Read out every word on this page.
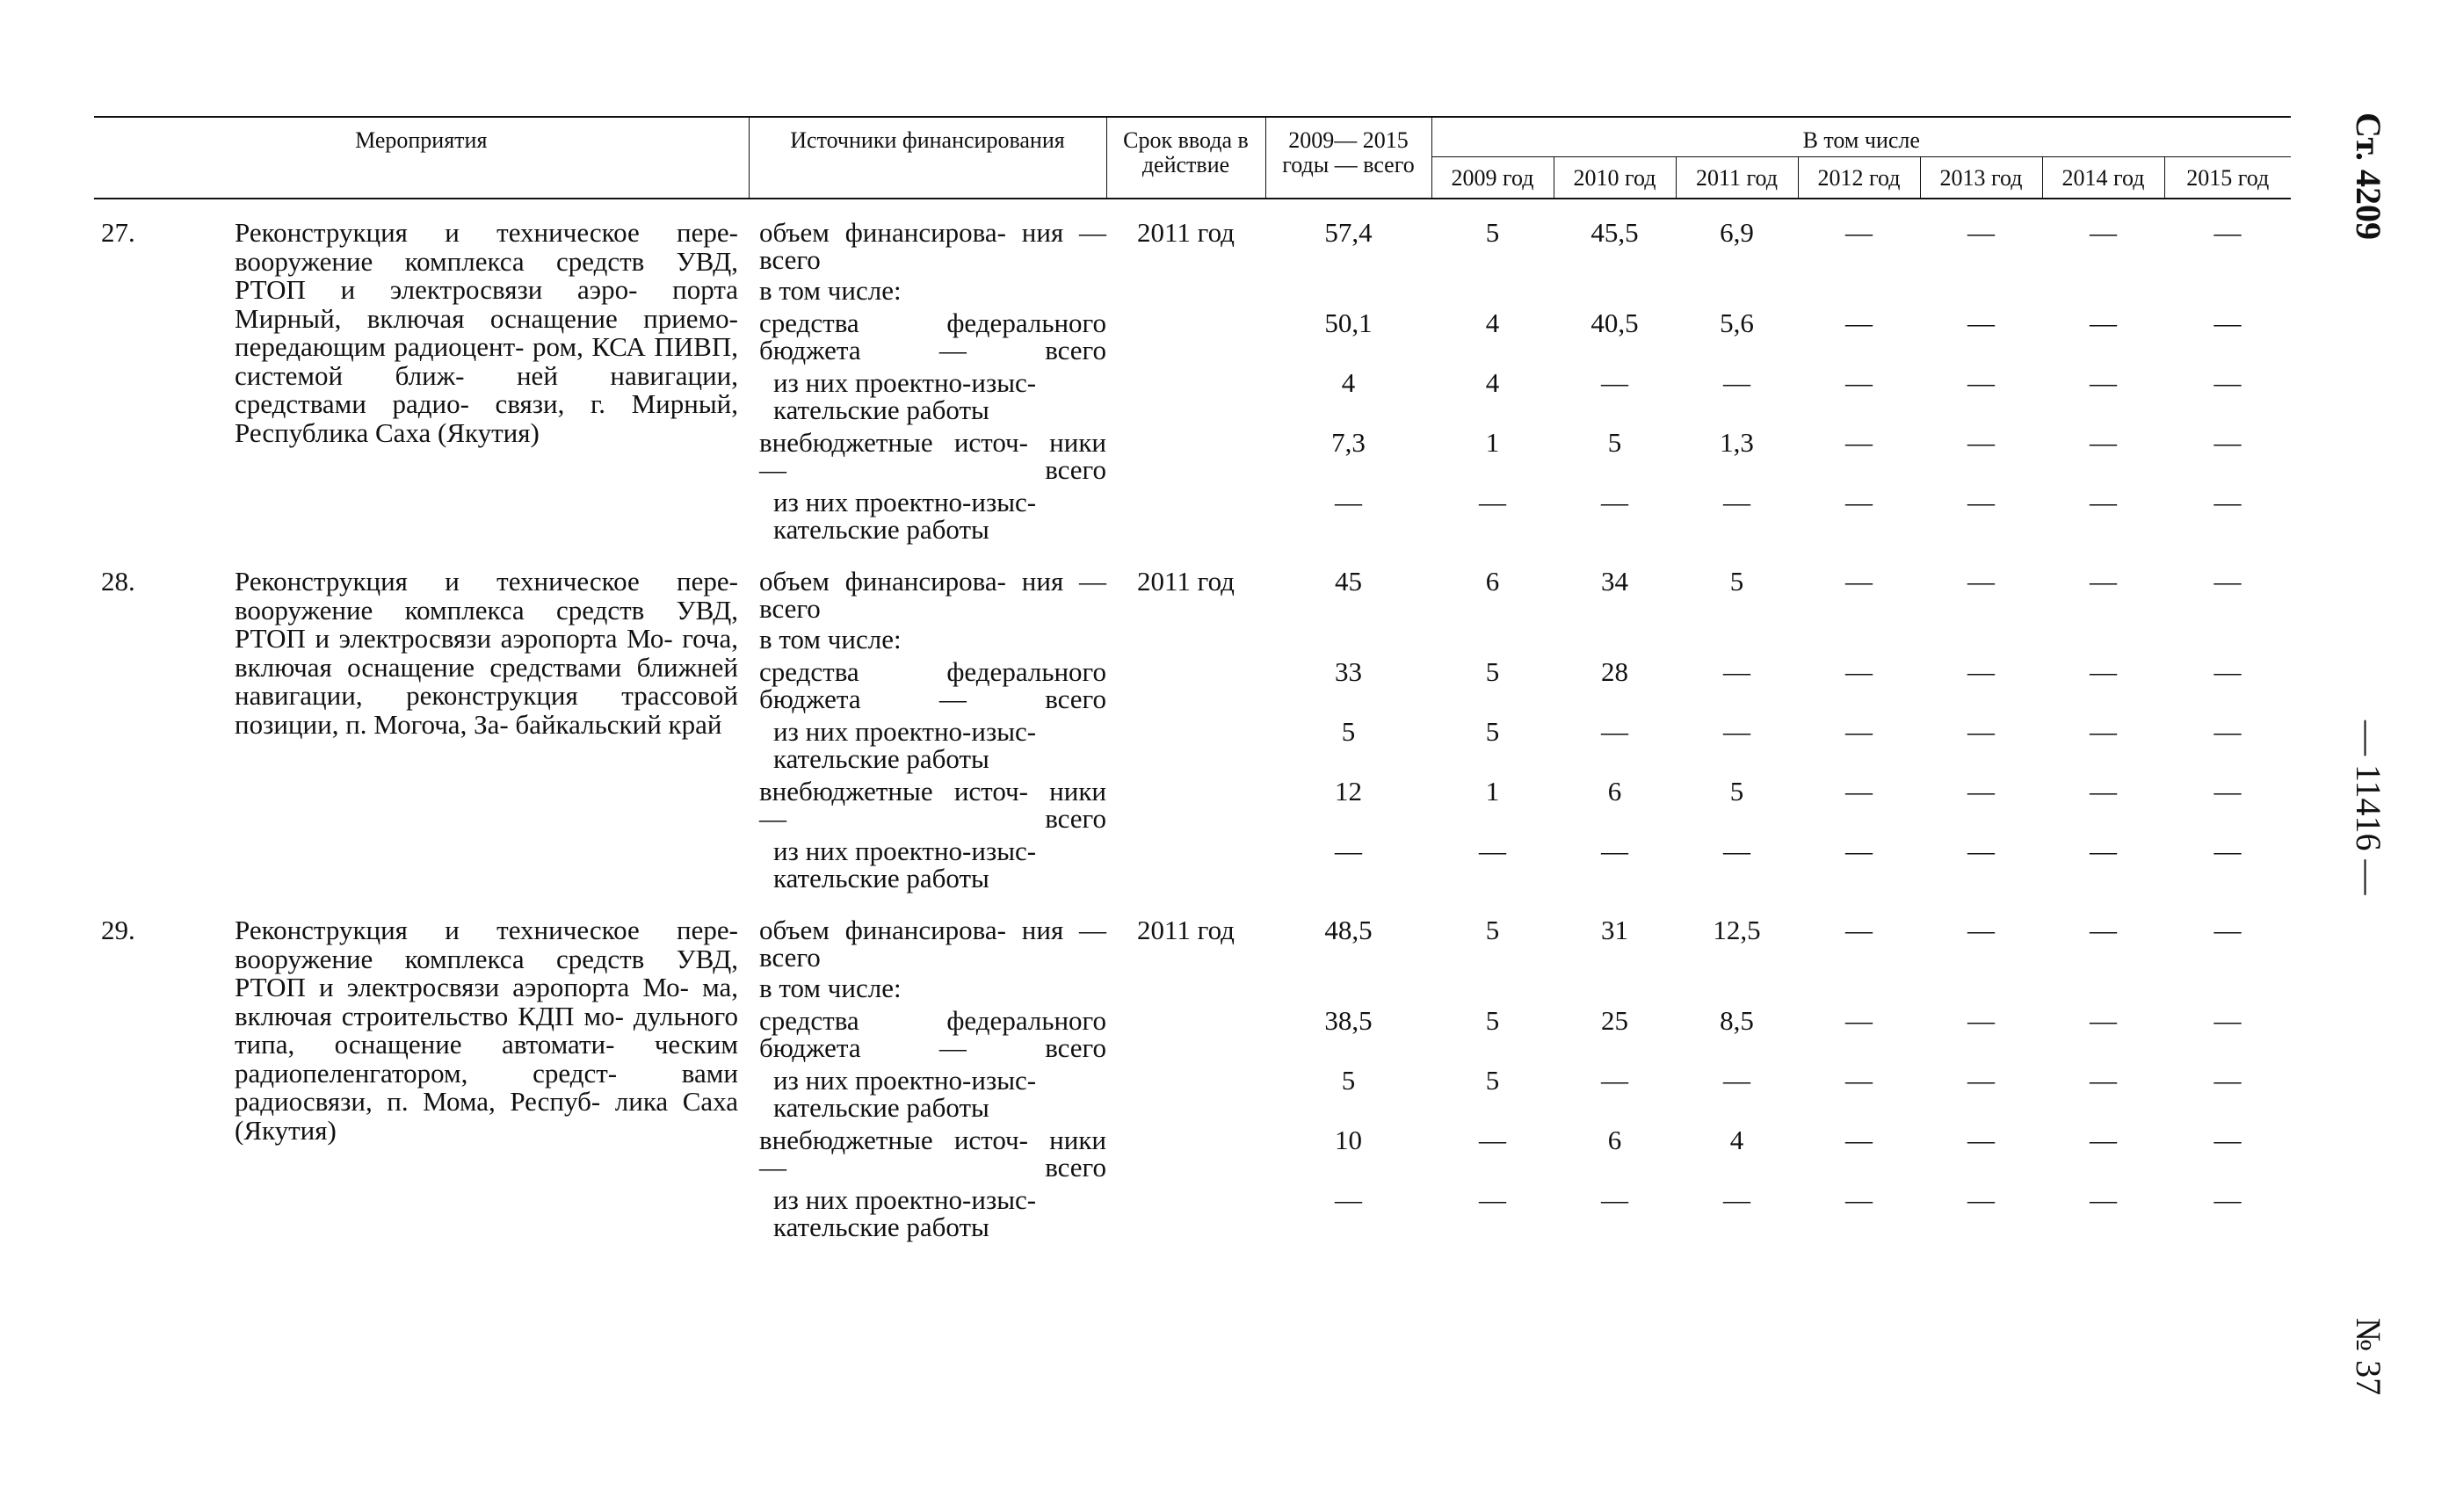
Ст. 4209
— 11416 —
№ 37
Мероприятия		Источники финансирования	Срок ввода в действие	2009— 2015 годы — всего	В том числе						
					2009 год	2010 год	2011 год	2012 год	2013 год	2014 год	2015 год
27.	Реконструкция и техническое пере- вооружение комплекса средств УВД, РТОП и электросвязи аэро- порта Мирный, включая оснащение приемо-передающим радиоцент- ром, КСА ПИВП, системой ближ- ней навигации, средствами радио- связи, г. Мирный, Республика Саха (Якутия)	объем финансирова- ния — всего	2011 год	57,4	5	45,5	6,9	—	—	—	—
		в том числе:									

		средства федерального бюджета — всего		50,1	4	40,5	5,6	—	—	—	—
		из них проектно-изыс- кательские работы		4	4	—	—	—	—	—	—

		внебюджетные источ- ники — всего		7,3	1	5	1,3	—	—	—	—
		из них проектно-изыс- кательские работы		—	—	—	—	—	—	—	—
28.	Реконструкция и техническое пере- вооружение комплекса средств УВД, РТОП и электросвязи аэропорта Мо- гоча, включая оснащение средствами ближней навигации, реконструкция трассовой позиции, п. Могоча, За- байкальский край	объем финансирова- ния — всего	2011 год	45	6	34	5	—	—	—	—
		в том числе:									

		средства федерального бюджета — всего		33	5	28	—	—	—	—	—
		из них проектно-изыс- кательские работы		5	5	—	—	—	—	—	—

		внебюджетные источ- ники — всего		12	1	6	5	—	—	—	—
		из них проектно-изыс- кательские работы		—	—	—	—	—	—	—	—
29.	Реконструкция и техническое пере- вооружение комплекса средств УВД, РТОП и электросвязи аэропорта Мо- ма, включая строительство КДП мо- дульного типа, оснащение автомати- ческим радиопеленгатором, средст- вами радиосвязи, п. Мома, Респуб- лика Саха (Якутия)	объем финансирова- ния — всего	2011 год	48,5	5	31	12,5	—	—	—	—
		в том числе:									

		средства федерального бюджета — всего		38,5	5	25	8,5	—	—	—	—
		из них проектно-изыс- кательские работы		5	5	—	—	—	—	—	—

		внебюджетные источ- ники — всего		10	—	6	4	—	—	—	—
		из них проектно-изыс- кательские работы		—	—	—	—	—	—	—	—
